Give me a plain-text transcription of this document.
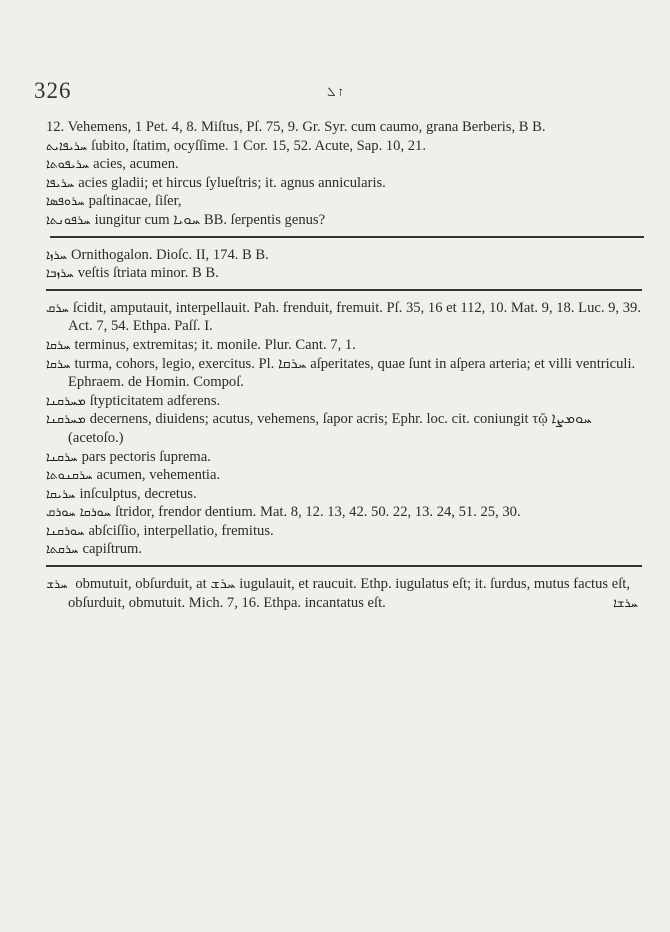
326	ז ܠ
12. Vehemens, 1 Pet. 4, 8. Miſtus, Pſ. 75, 9. Gr. Syr. cum caumo, grana Berberis, B B.
ܚܪܝܦܐܝܬ ſubito, ſtatim, ocyſſime. 1 Cor. 15, 52. Acute, Sap. 10, 21.
ܚܪܝܦܘܬܐ acies, acumen.
ܚܪܝܦܐ acies gladii; et hircus ſylueſtris; it. agnus annicularis.
ܚܪܘܦܣܐ paſtinacae, ſiſer,
ܚܪܦܘܢܬܐ iungitur cum ܚܘܝܐ BB. ſerpentis genus?
ܚܪܙܐ Ornithogalon. Dioſc. II, 174. B B.
ܚܪܙܒܐ veſtis ſtriata minor. B B.
ܚܪܩ ſcidit, amputauit, interpellauit. Pah. frenduit, fremuit. Pſ. 35, 16 et 112, 10. Mat. 9, 18. Luc. 9, 39. Act. 7, 54. Ethpa. Paſſ. I.
ܚܪܩܐ terminus, extremitas; it. monile. Plur. Cant. 7, 1.
ܚܪܩܐ turma, cohors, legio, exercitus. Pl. ܚܪܩܐ aſperitates, quae ſunt in aſpera arteria; et villi ventriculi. Ephraem. de Homin. Compoſ.
ܡܚܪܩܢܐ ſtypticitatem adferens.
ܡܚܪܩܢܐ decernens, diuidens; acutus, vehemens, ſapor acris; Ephr. loc. cit. coniungit τῷ ܚܘܡܨܐ (acetoſo.)
ܚܪܩܢܐ pars pectoris ſuprema.
ܚܪܩܢܘܬܐ acumen, vehementia.
ܚܪܝܩܐ inſculptus, decretus.
ܚܘܪܩܐ ܚܘܪܩ ſtridor, frendor dentium. Mat. 8, 12. 13, 42. 50. 22, 13. 24, 51. 25, 30.
ܚܘܪܩܢܐ abſciſſio, interpellatio, fremitus.
ܚܪܩܬܐ capiſtrum.
ܚܪܫ obmutuit, obſurduit, at ܚܪܫ iugulauit, et raucuit. Ethp. iugulatus eſt; it. ſurdus, mutus factus eſt, obſurduit, obmutuit. Mich. 7, 16. Ethpa. incantatus eſt.	ܚܪܫܐ
